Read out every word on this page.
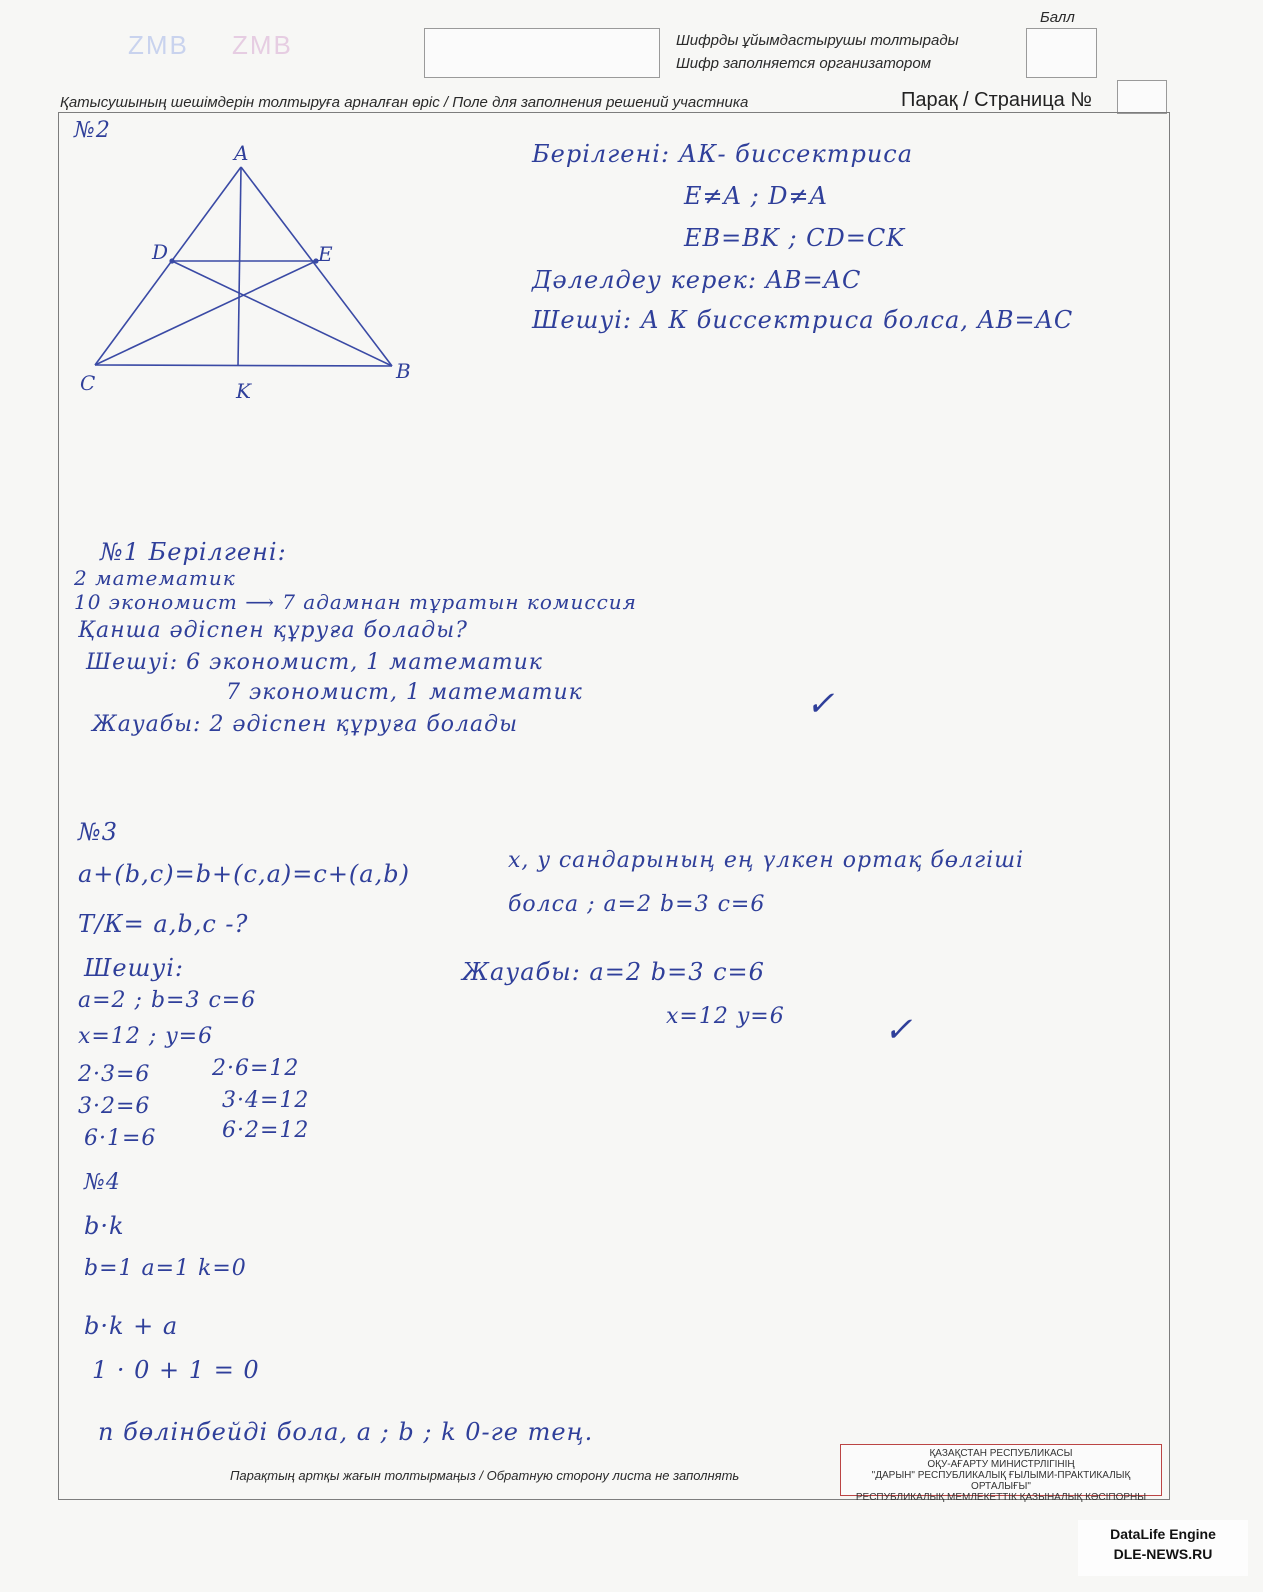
ZMB ZMB	Шифрды ұйымдастырушы толтырады
Шифр заполняется организатором
Балл
Қатысушының шешімдерін толтыруға арналған өріс / Поле для заполнения решений участника	Парақ / Страница №
№2
A
D	E
C	K
B
Берілгені: АК- биссектриса
E≠A ; D≠A
EB=BK ; CD=CK
Дәлелдеу керек: AB=AC
Шешуі: А К биссектриса болса, AB=AC
№1 Берілгені:
2 математик
10 экономист ⟶ 7 адамнан тұратын комиссия
Қанша әдіспен құруға болады?
Шешуі: 6 экономист, 1 математик
7 экономист, 1 математик
Жауабы: 2 әдіспен құруға болады
✓
№3
a+(b,c)=b+(c,a)=c+(a,b)
Т/К= a,b,c -?
Шешуі:
a=2 ; b=3 c=6
x=12 ; y=6
2·3=6
3·2=6
6·1=6
2·6=12
3·4=12
6·2=12
x, y сандарының ең үлкен ортақ бөлгіші
болса ; a=2 b=3 c=6
Жауабы: a=2 b=3 c=6
x=12 y=6	✓
№4
b·k
b=1 a=1 k=0
b·k + a
1 · 0 + 1 = 0
n бөлінбейді бола, a ; b ; k 0-ге тең.
Парақтың артқы жағын толтырмаңыз / Обратную сторону листа не заполнять
ҚАЗАҚСТАН РЕСПУБЛИКАСЫ
ОҚУ-АҒАРТУ МИНИСТРЛІГІНІҢ
"ДАРЫН" РЕСПУБЛИКАЛЫҚ ҒЫЛЫМИ-ПРАКТИКАЛЫҚ ОРТАЛЫҒЫ"
РЕСПУБЛИКАЛЫҚ МЕМЛЕКЕТТІК ҚАЗЫНАЛЫҚ КӘСІПОРНЫ
DataLife Engine
DLE-NEWS.RU
